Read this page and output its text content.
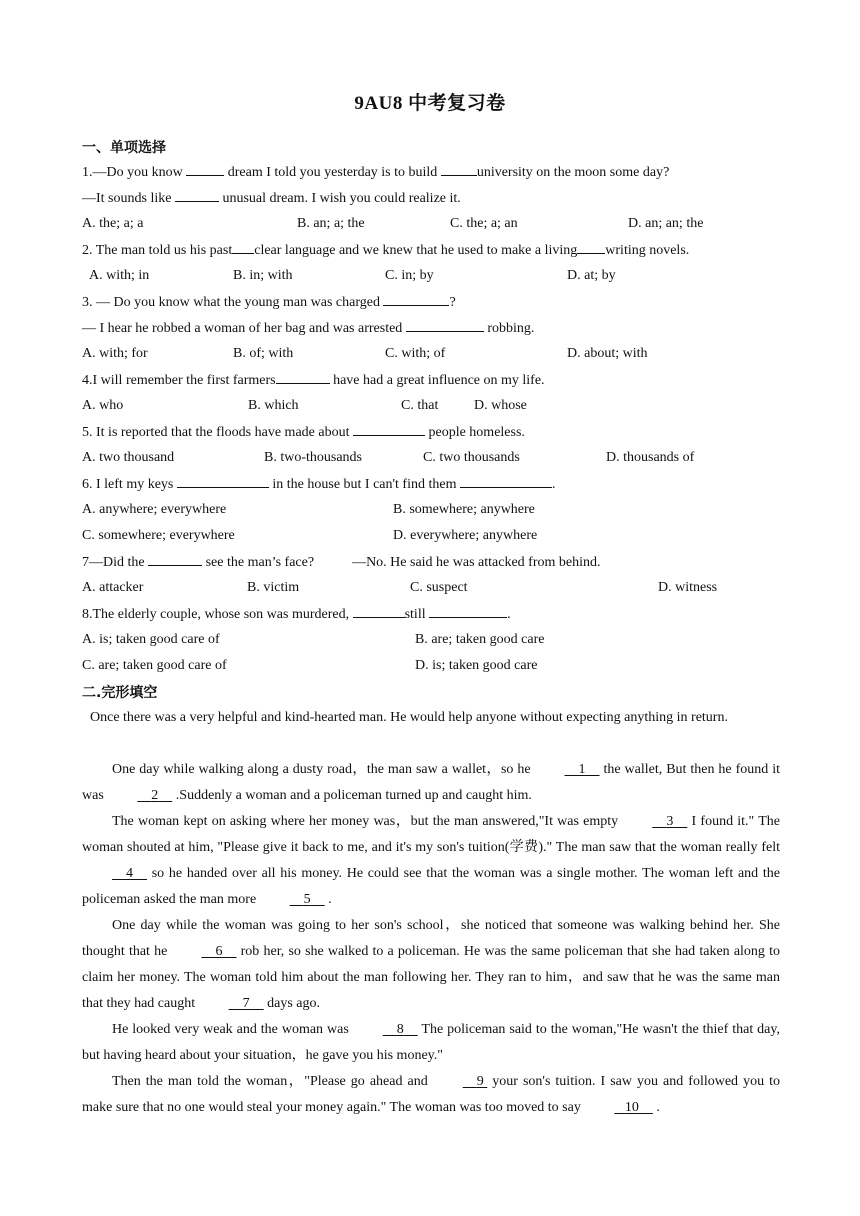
9AU8 中考复习卷
一、单项选择
1.—Do you know	dream I told you yesterday is to build	university on the moon some day?
—It sounds like	unusual dream. I wish you could realize it.
A. the; a; a	B. an; a; the	C. the; a; an	D. an; an; the
2. The man told us his past clear language and we knew that he used to make a living writing novels.
A. with; in	B. in; with	C. in; by	D. at; by
3. — Do you know what the young man was charged	?
— I hear he robbed a woman of her bag and was arrested	robbing.
A. with; for	B. of; with	C. with; of	D. about; with
4.I will remember the first farmers	have had a great influence on my life.
A. who	B. which	C. that	D. whose
5. It is reported that the floods have made about	people homeless.
A. two thousand	B. two-thousands	C. two thousands	D. thousands of
6. I left my keys	in the house but I can't find them	.
A. anywhere; everywhere	B. somewhere; anywhere
C. somewhere; everywhere	D. everywhere; anywhere
7—Did the	see the man’s face?	—No. He said he was attacked from behind.
A. attacker	B. victim	C. suspect	D. witness
8.The elderly couple, whose son was murdered,	still	.
A. is; taken good care of	B. are; taken good care
C. are; taken good care of	D. is; taken good care
二.完形填空

Once there was a very helpful and kind-hearted man. He would help anyone without expecting anything in return.

One day while walking along a dusty road，the man saw a wallet，so he	1     the wallet, But then he found it was	2     .Suddenly a woman and a policeman turned up and caught him.

The woman kept on asking where her money was，but the man answered,"It was empty	3     I found it." The woman shouted at him, "Please give it back to me, and it's my son's tuition(学费)." The man saw that the woman really felt     4     so he handed over all his money. He could see that the woman was a single mother. The woman left and the policeman asked the man more	5     .

One day while the woman was going to her son's school，she noticed that someone was walking behind her. She thought that he	6     rob her, so she walked to a policeman. He was the same policeman that she had taken along to claim her money. The woman told him about the man following her. They ran to him，and saw that he was the same man that they had caught	7     days ago.

He looked very weak and the woman was	8     The policeman said to the woman,"He wasn't the thief that day, but having heard about your situation，he gave you his money."

Then the man told the woman，"Please go ahead and	9  your son's tuition. I saw you and followed you to make sure that no one would steal your money again." The woman was too moved to say	10     .
